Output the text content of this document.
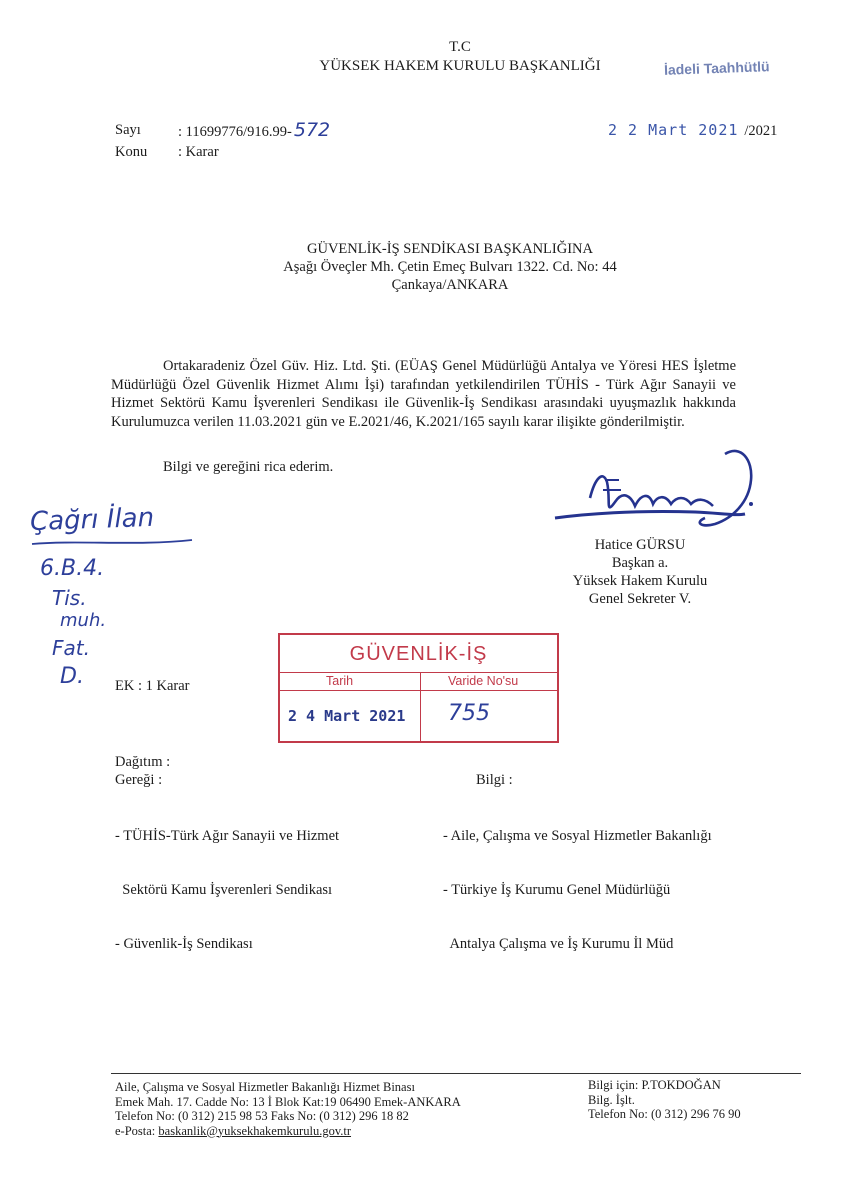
T.C
YÜKSEK HAKEM KURULU BAŞKANLIĞI	İadeli Taahhütlü
Sayı	: 11699776/916.99- 572	2 2 Mart 2021 /2021
Konu : Karar
GÜVENLİK-İŞ SENDİKASI BAŞKANLIĞINA
Aşağı Öveçler Mh. Çetin Emeç Bulvarı 1322. Cd. No: 44
Çankaya/ANKARA
Ortakaradeniz Özel Güv. Hiz. Ltd. Şti. (EÜAŞ Genel Müdürlüğü Antalya ve Yöresi HES İşletme Müdürlüğü Özel Güvenlik Hizmet Alımı İşi) tarafından yetkilendirilen TÜHİS - Türk Ağır Sanayii ve Hizmet Sektörü Kamu İşverenleri Sendikası ile Güvenlik-İş Sendikası arasındaki uyuşmazlık hakkında Kurulumuzca verilen 11.03.2021 gün ve E.2021/46, K.2021/165 sayılı karar ilişikte gönderilmiştir.
Bilgi ve gereğini rica ederim.
Hatice GÜRSU
Başkan a.
Yüksek Hakem Kurulu
Genel Sekreter V.
Çağrı İlan
6.B.4.
Tis.
muh.
Fat.
D. EK : 1 Karar
GÜVENLİK-İŞ
Tarih	Varide No'su
2 4 Mart 2021 755
Dağıtım :
Gereği :

- TÜHİS-Türk Ağır Sanayii ve Hizmet

Sektörü Kamu İşverenleri Sendikası

- Güvenlik-İş Sendikası

Bilgi :

- Aile, Çalışma ve Sosyal Hizmetler Bakanlığı

- Türkiye İş Kurumu Genel Müdürlüğü

Antalya Çalışma ve İş Kurumu İl Müd

Aile, Çalışma ve Sosyal Hizmetler Bakanlığı Hizmet Binası
Emek Mah. 17. Cadde No: 13 İ Blok Kat:19 06490 Emek-ANKARA
Telefon No: (0 312) 215 98 53 Faks No: (0 312) 296 18 82
e-Posta: baskanlik@yuksekhakemkurulu.gov.tr
Bilgi için: P.TOKDOĞAN
Bilg. İşlt.
Telefon No: (0 312) 296 76 90
